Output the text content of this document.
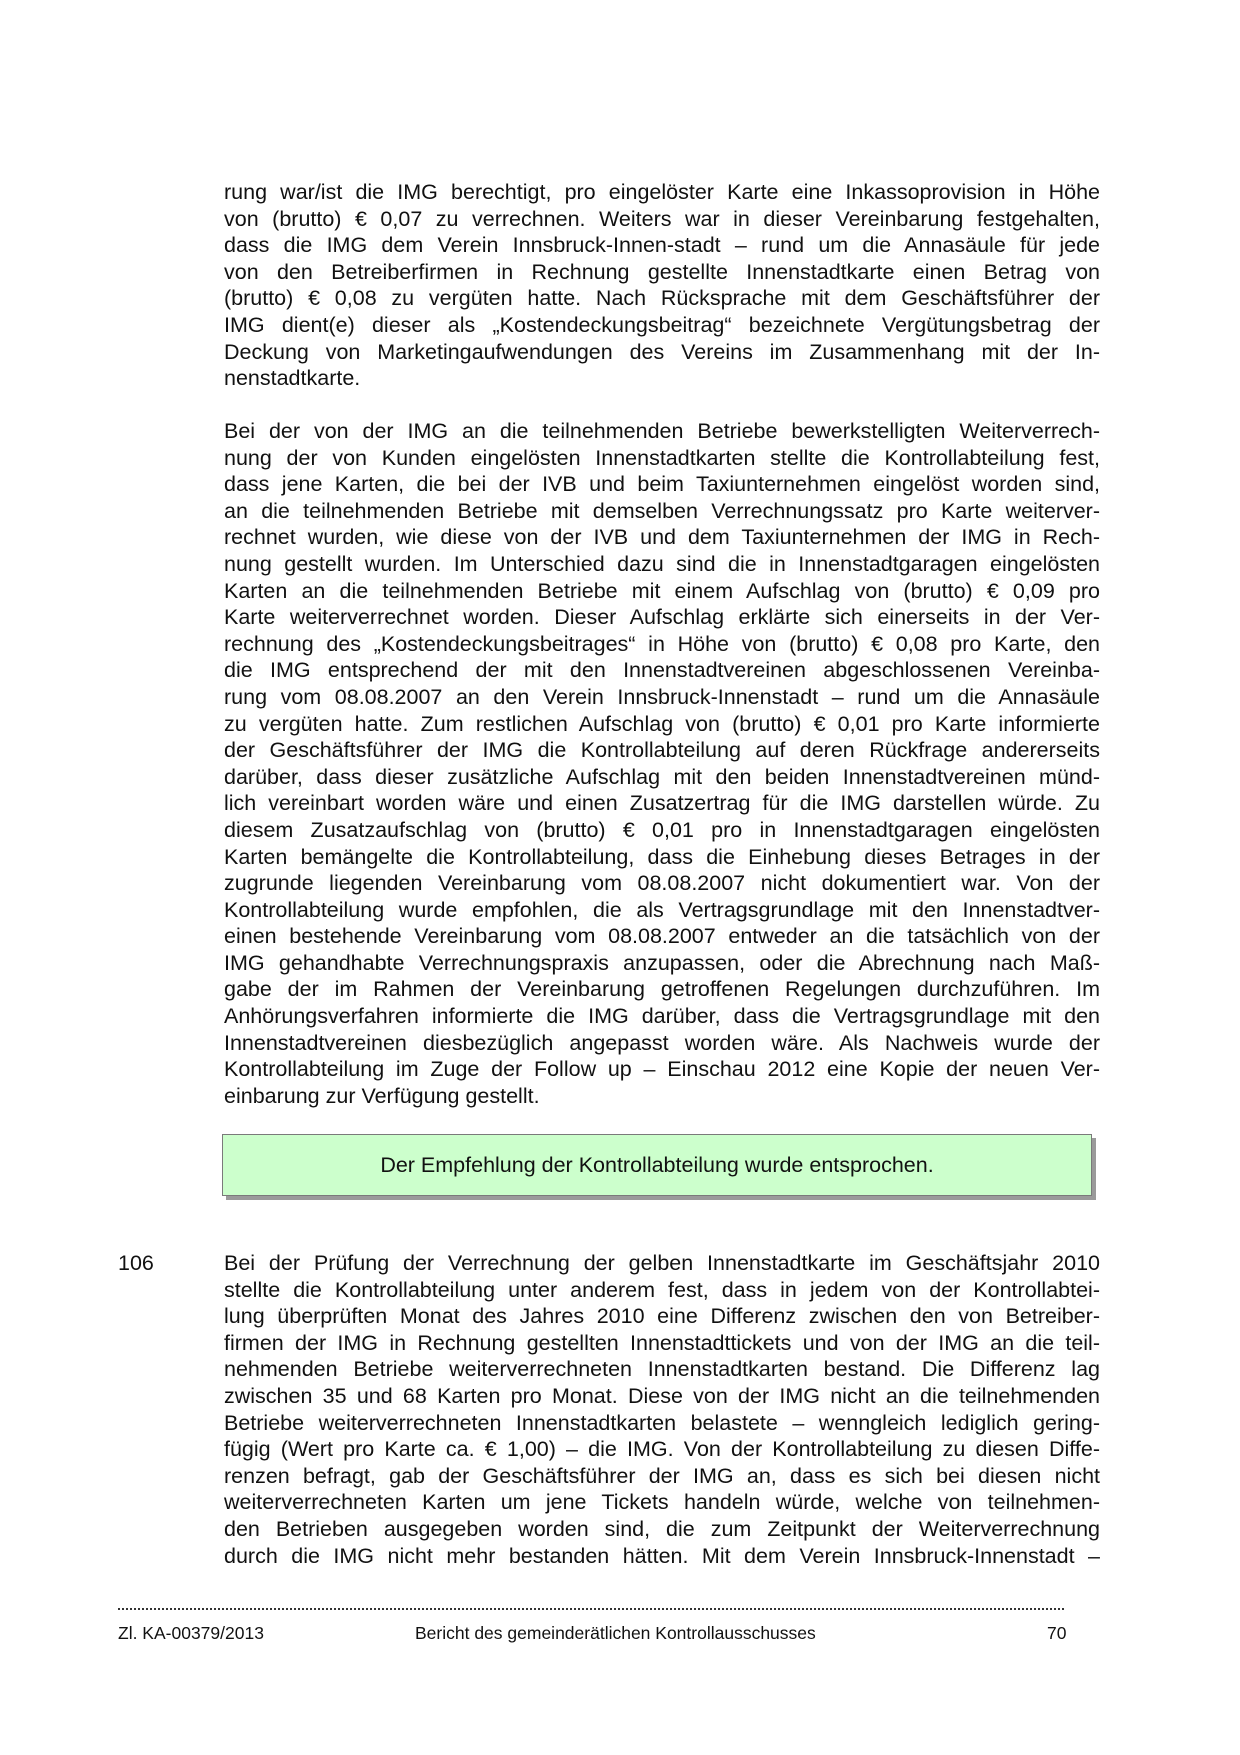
rung war/ist die IMG berechtigt, pro eingelöster Karte eine Inkassoprovision in Höhe
von (brutto) € 0,07 zu verrechnen. Weiters war in dieser Vereinbarung festgehalten,
dass die IMG dem Verein Innsbruck-Innen-stadt – rund um die Annasäule für jede
von den Betreiberfirmen in Rechnung gestellte Innenstadtkarte einen Betrag von
(brutto) € 0,08 zu vergüten hatte. Nach Rücksprache mit dem Geschäftsführer der
IMG dient(e) dieser als „Kostendeckungsbeitrag“ bezeichnete Vergütungsbetrag der
Deckung von Marketingaufwendungen des Vereins im Zusammenhang mit der In-
nenstadtkarte.
Bei der von der IMG an die teilnehmenden Betriebe bewerkstelligten Weiterverrech-
nung der von Kunden eingelösten Innenstadtkarten stellte die Kontrollabteilung fest,
dass jene Karten, die bei der IVB und beim Taxiunternehmen eingelöst worden sind,
an die teilnehmenden Betriebe mit demselben Verrechnungssatz pro Karte weiterver-
rechnet wurden, wie diese von der IVB und dem Taxiunternehmen der IMG in Rech-
nung gestellt wurden. Im Unterschied dazu sind die in Innenstadtgaragen eingelösten
Karten an die teilnehmenden Betriebe mit einem Aufschlag von (brutto) € 0,09 pro
Karte weiterverrechnet worden. Dieser Aufschlag erklärte sich einerseits in der Ver-
rechnung des „Kostendeckungsbeitrages“ in Höhe von (brutto) € 0,08 pro Karte, den
die IMG entsprechend der mit den Innenstadtvereinen abgeschlossenen Vereinba-
rung vom 08.08.2007 an den Verein Innsbruck-Innenstadt – rund um die Annasäule
zu vergüten hatte. Zum restlichen Aufschlag von (brutto) € 0,01 pro Karte informierte
der Geschäftsführer der IMG die Kontrollabteilung auf deren Rückfrage andererseits
darüber, dass dieser zusätzliche Aufschlag mit den beiden Innenstadtvereinen münd-
lich vereinbart worden wäre und einen Zusatzertrag für die IMG darstellen würde. Zu
diesem Zusatzaufschlag von (brutto) € 0,01 pro in Innenstadtgaragen eingelösten
Karten bemängelte die Kontrollabteilung, dass die Einhebung dieses Betrages in der
zugrunde liegenden Vereinbarung vom 08.08.2007 nicht dokumentiert war. Von der
Kontrollabteilung wurde empfohlen, die als Vertragsgrundlage mit den Innenstadtver-
einen bestehende Vereinbarung vom 08.08.2007 entweder an die tatsächlich von der
IMG gehandhabte Verrechnungspraxis anzupassen, oder die Abrechnung nach Maß-
gabe der im Rahmen der Vereinbarung getroffenen Regelungen durchzuführen. Im
Anhörungsverfahren informierte die IMG darüber, dass die Vertragsgrundlage mit den
Innenstadtvereinen diesbezüglich angepasst worden wäre. Als Nachweis wurde der
Kontrollabteilung im Zuge der Follow up – Einschau 2012 eine Kopie der neuen Ver-
einbarung zur Verfügung gestellt.
Der Empfehlung der Kontrollabteilung wurde entsprochen.
106	Bei der Prüfung der Verrechnung der gelben Innenstadtkarte im Geschäftsjahr 2010
stellte die Kontrollabteilung unter anderem fest, dass in jedem von der Kontrollabtei-
lung überprüften Monat des Jahres 2010 eine Differenz zwischen den von Betreiber-
firmen der IMG in Rechnung gestellten Innenstadttickets und von der IMG an die teil-
nehmenden Betriebe weiterverrechneten Innenstadtkarten bestand. Die Differenz lag
zwischen 35 und 68 Karten pro Monat. Diese von der IMG nicht an die teilnehmenden
Betriebe weiterverrechneten Innenstadtkarten belastete – wenngleich lediglich gering-
fügig (Wert pro Karte ca. € 1,00) – die IMG. Von der Kontrollabteilung zu diesen Diffe-
renzen befragt, gab der Geschäftsführer der IMG an, dass es sich bei diesen nicht
weiterverrechneten Karten um jene Tickets handeln würde, welche von teilnehmen-
den Betrieben ausgegeben worden sind, die zum Zeitpunkt der Weiterverrechnung
durch die IMG nicht mehr bestanden hätten. Mit dem Verein Innsbruck-Innenstadt –
Zl. KA-00379/2013	Bericht des gemeinderätlichen Kontrollausschusses	70
